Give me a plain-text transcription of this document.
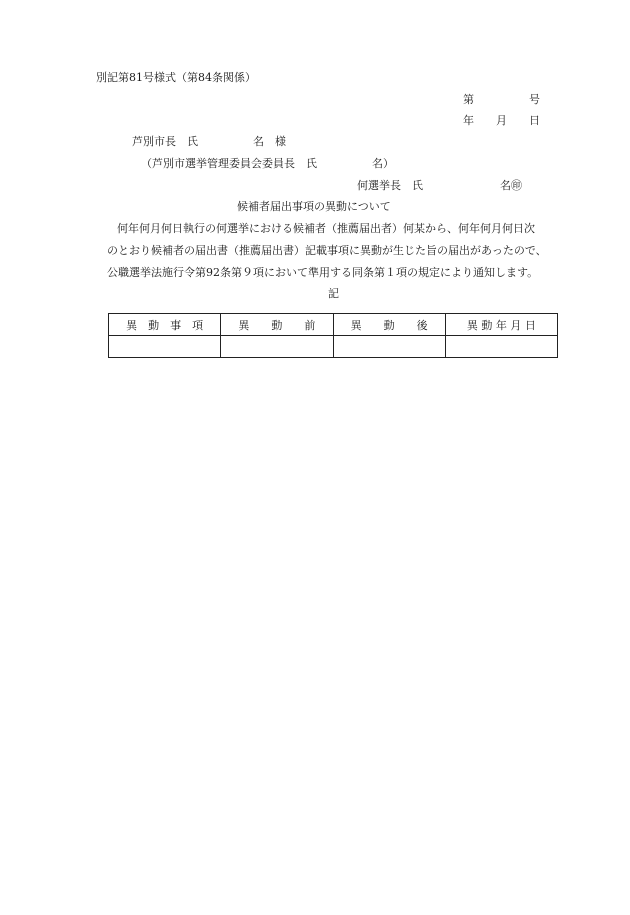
別記第81号様式（第84条関係）
第　　　　　号
年　　月　　日
芦別市長　氏　　　　　名　様
（芦別市選挙管理委員会委員長　氏　　　　　名）
何選挙長　氏　　　　　　　名㊞
候補者届出事項の異動について
何年何月何日執行の何選挙における候補者（推薦届出者）何某から、何年何月何日次
のとおり候補者の届出書（推薦届出書）記載事項に異動が生じた旨の届出があったので、
公職選挙法施行令第92条第９項において準用する同条第１項の規定により通知します。
記
異　動　事　項	異　　動　　前	異　　動　　後	異 動 年 月 日
